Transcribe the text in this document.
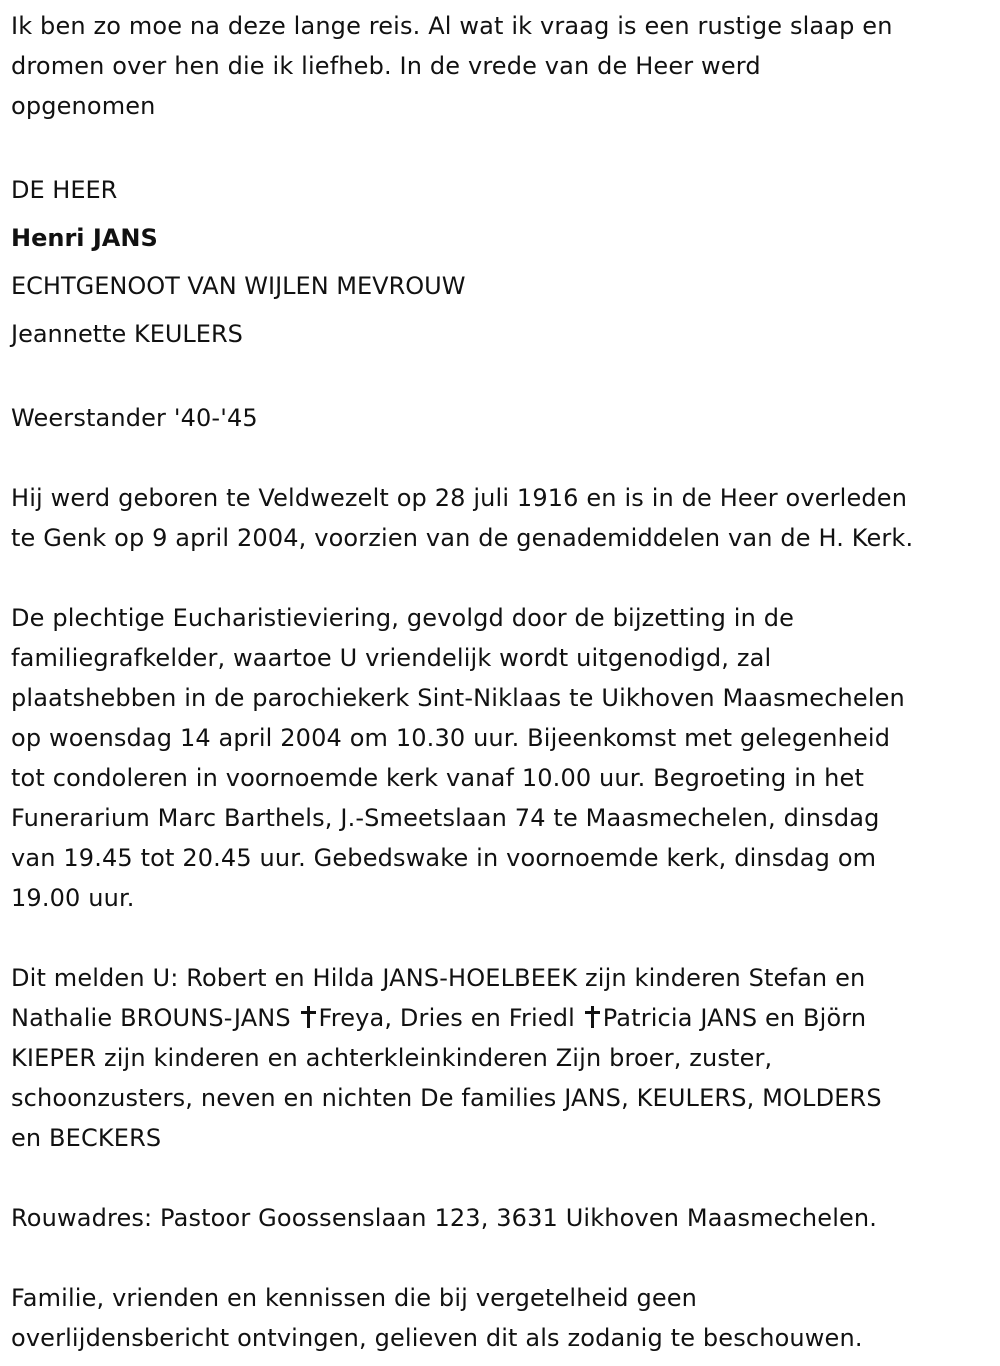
Ik ben zo moe na deze lange reis. Al wat ik vraag is een rustige slaap en

dromen over hen die ik liefheb. In de vrede van de Heer werd

opgenomen

DE HEER

Henri JANS

ECHTGENOOT VAN WIJLEN MEVROUW

Jeannette KEULERS

Weerstander '40-'45

Hij werd geboren te Veldwezelt op 28 juli 1916 en is in de Heer overleden

te Genk op 9 april 2004, voorzien van de genademiddelen van de H. Kerk.

De plechtige Eucharistieviering, gevolgd door de bijzetting in de

familiegrafkelder, waartoe U vriendelijk wordt uitgenodigd, zal

plaatshebben in de parochiekerk Sint-Niklaas te Uikhoven Maasmechelen

op woensdag 14 april 2004 om 10.30 uur. Bijeenkomst met gelegenheid

tot condoleren in voornoemde kerk vanaf 10.00 uur. Begroeting in het

Funerarium Marc Barthels, J.-Smeetslaan 74 te Maasmechelen, dinsdag

van 19.45 tot 20.45 uur. Gebedswake in voornoemde kerk, dinsdag om

19.00 uur.

Dit melden U: Robert en Hilda JANS-HOELBEEK zijn kinderen Stefan en

Nathalie BROUNS-JANS Freya, Dries en Friedl Patricia JANS en Björn

KIEPER zijn kinderen en achterkleinkinderen Zijn broer, zuster,

schoonzusters, neven en nichten De families JANS, KEULERS, MOLDERS

en BECKERS

Rouwadres: Pastoor Goossenslaan 123, 3631 Uikhoven Maasmechelen.

Familie, vrienden en kennissen die bij vergetelheid geen

overlijdensbericht ontvingen, gelieven dit als zodanig te beschouwen.
